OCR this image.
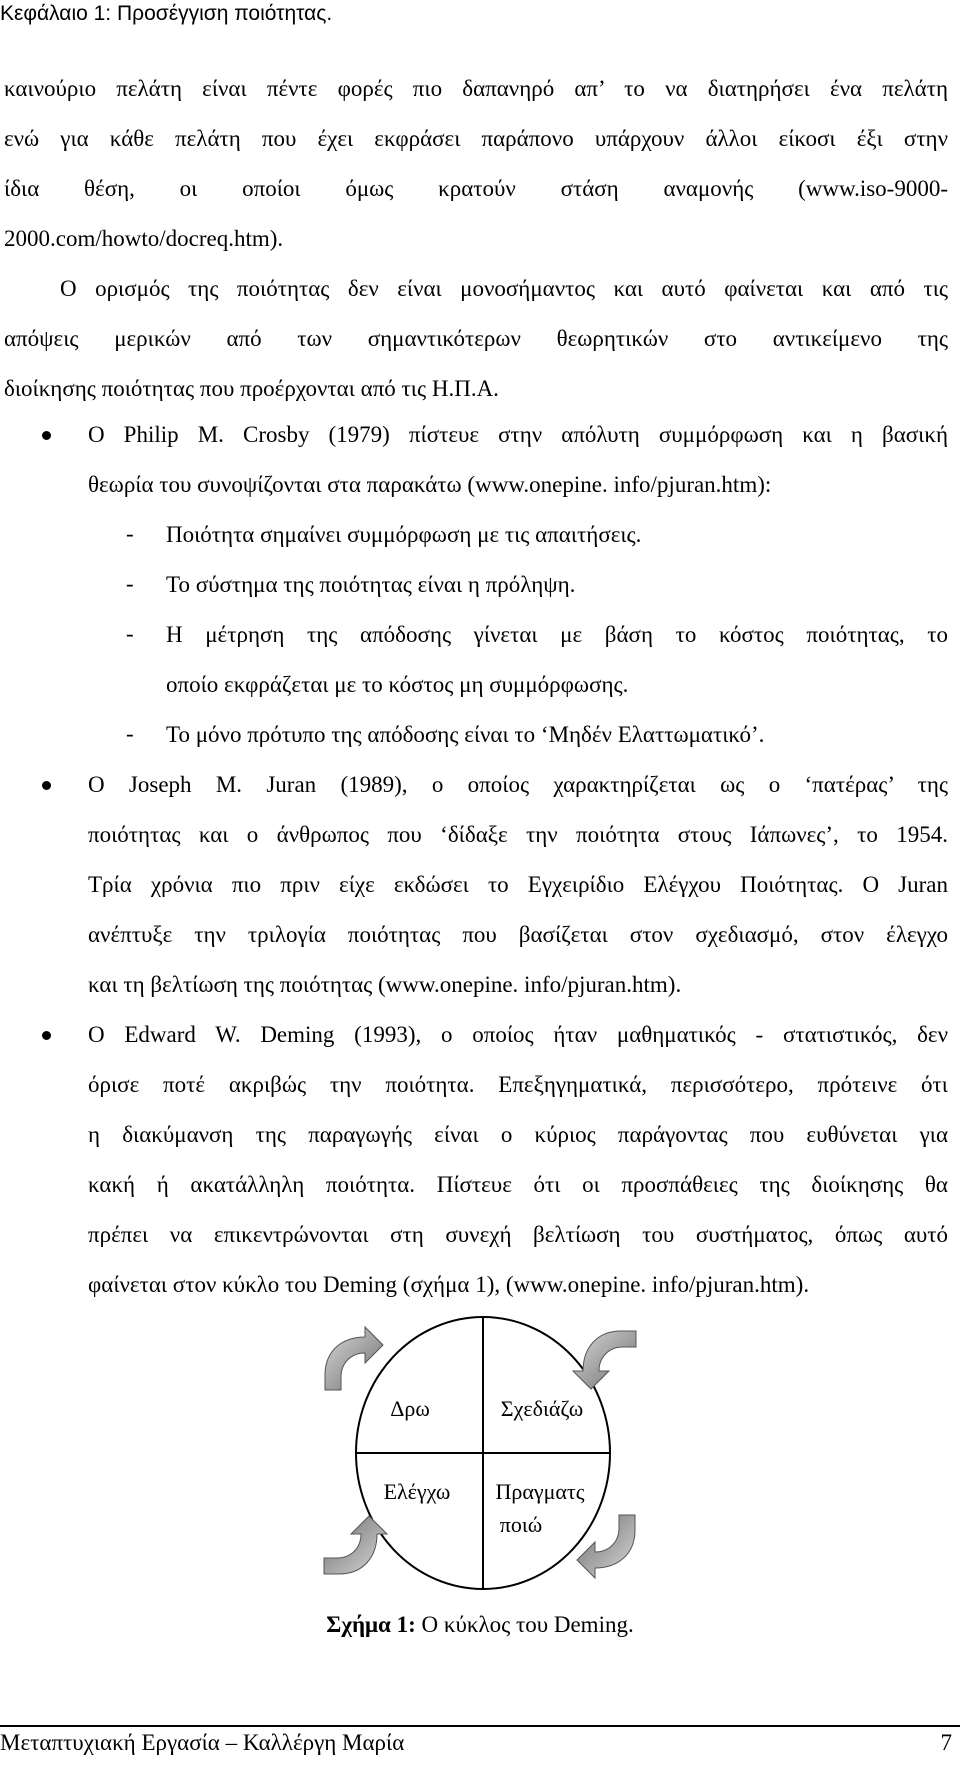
Κεφάλαιο 1: Προσέγγιση ποιότητας.
καινούριο πελάτη είναι πέντε φορές πιο δαπανηρό απ’ το να διατηρήσει ένα πελάτη
ενώ για κάθε πελάτη που έχει εκφράσει παράπονο υπάρχουν άλλοι είκοσι έξι στην
ίδια θέση, οι οποίοι όμως κρατούν στάση αναμονής (www.iso-9000-
2000.com/howto/docreq.htm).
Ο ορισμός της ποιότητας δεν είναι μονοσήμαντος και αυτό φαίνεται και από τις
απόψεις μερικών από των σημαντικότερων θεωρητικών στο αντικείμενο της
διοίκησης ποιότητας που προέρχονται από τις Η.Π.Α.
Ο Philip M. Crosby (1979) πίστευε στην απόλυτη συμμόρφωση και η βασική
θεωρία του συνοψίζονται στα παρακάτω (www.onepine. info/pjuran.htm):
- Ποιότητα σημαίνει συμμόρφωση με τις απαιτήσεις.
- Το σύστημα της ποιότητας είναι η πρόληψη.
- Η μέτρηση της απόδοσης γίνεται με βάση το κόστος ποιότητας, το
οποίο εκφράζεται με το κόστος μη συμμόρφωσης.
- Το μόνο πρότυπο της απόδοσης είναι το ‘Μηδέν Ελαττωματικό’.
Ο Joseph M. Juran (1989), ο οποίος χαρακτηρίζεται ως ο ‘πατέρας’ της
ποιότητας και ο άνθρωπος που ‘δίδαξε την ποιότητα στους Ιάπωνες’, το 1954.
Τρία χρόνια πιο πριν είχε εκδώσει το Εγχειρίδιο Ελέγχου Ποιότητας. Ο Juran
ανέπτυξε την τριλογία ποιότητας που βασίζεται στον σχεδιασμό, στον έλεγχο
και τη βελτίωση της ποιότητας (www.onepine. info/pjuran.htm).
Ο Edward W. Deming (1993), ο οποίος ήταν μαθηματικός - στατιστικός, δεν
όρισε ποτέ ακριβώς την ποιότητα. Επεξηγηματικά, περισσότερο, πρότεινε ότι
η διακύμανση της παραγωγής είναι ο κύριος παράγοντας που ευθύνεται για
κακή ή ακατάλληλη ποιότητα. Πίστευε ότι οι προσπάθειες της διοίκησης θα
πρέπει να επικεντρώνονται στη συνεχή βελτίωση του συστήματος, όπως αυτό
φαίνεται στον κύκλο του Deming (σχήμα 1), (www.onepine. info/pjuran.htm).
Δρω	Σχεδιάζω
Ελέγχω Πραγματς
ποιώ
Σχήμα 1: Ο κύκλος του Deming.
Μεταπτυχιακή Εργασία – Καλλέργη Μαρία	7
